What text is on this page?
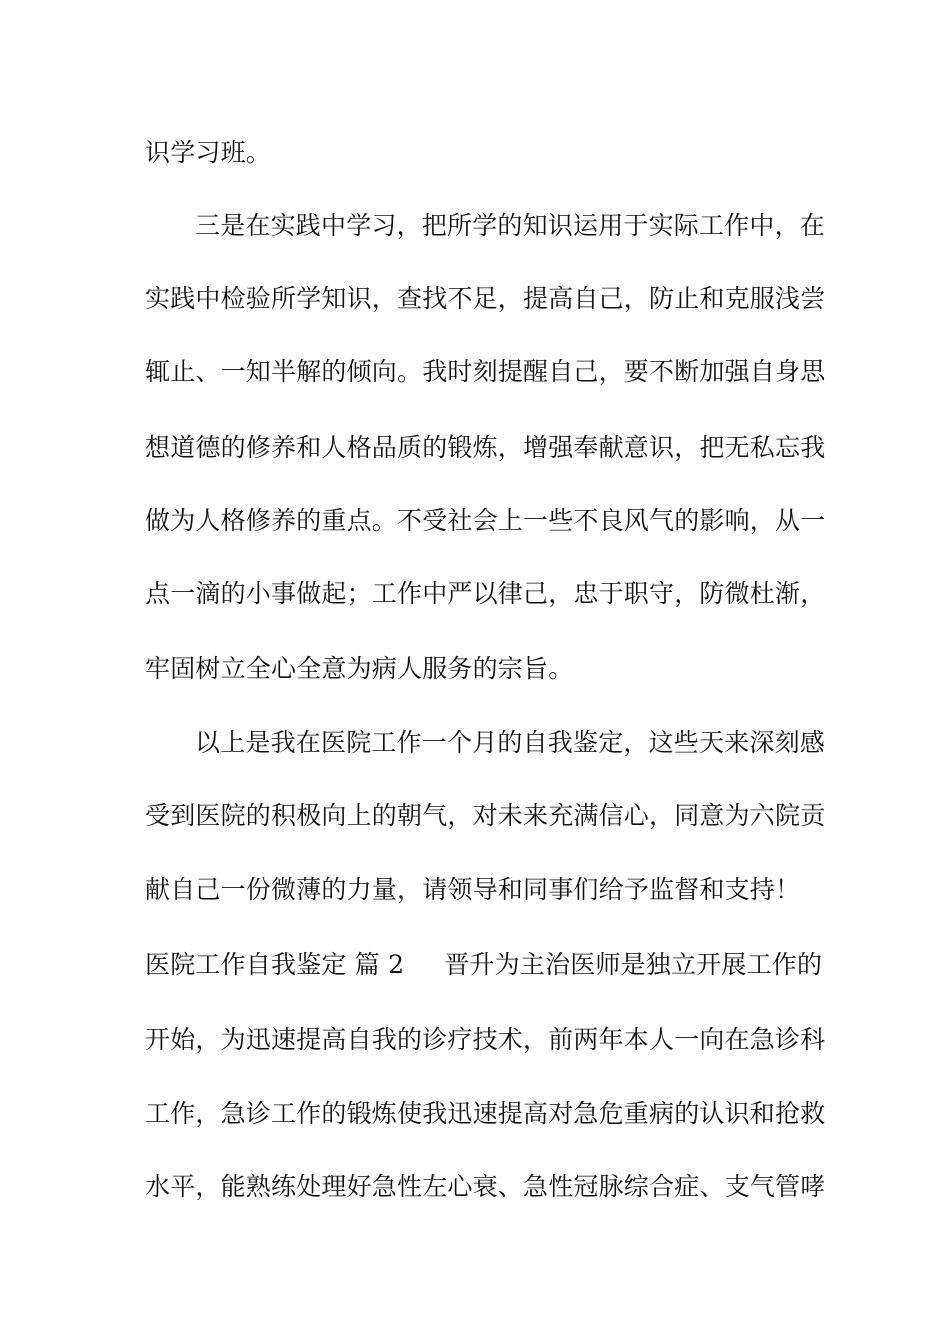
识学习班。
三是在实践中学习，把所学的知识运用于实际工作中，在
实践中检验所学知识，查找不足，提高自己，防止和克服浅尝
辄止、一知半解的倾向。我时刻提醒自己，要不断加强自身思
想道德的修养和人格品质的锻炼，增强奉献意识，把无私忘我
做为人格修养的重点。不受社会上一些不良风气的影响，从一
点一滴的小事做起；工作中严以律己，忠于职守，防微杜渐，
牢固树立全心全意为病人服务的宗旨。
以上是我在医院工作一个月的自我鉴定，这些天来深刻感
受到医院的积极向上的朝气，对未来充满信心，同意为六院贡
献自己一份微薄的力量，请领导和同事们给予监督和支持！
医院工作自我鉴定 篇 2 晋升为主治医师是独立开展工作的
开始，为迅速提高自我的诊疗技术，前两年本人一向在急诊科
工作，急诊工作的锻炼使我迅速提高对急危重病的认识和抢救
水平，能熟练处理好急性左心衰、急性冠脉综合症、支气管哮
